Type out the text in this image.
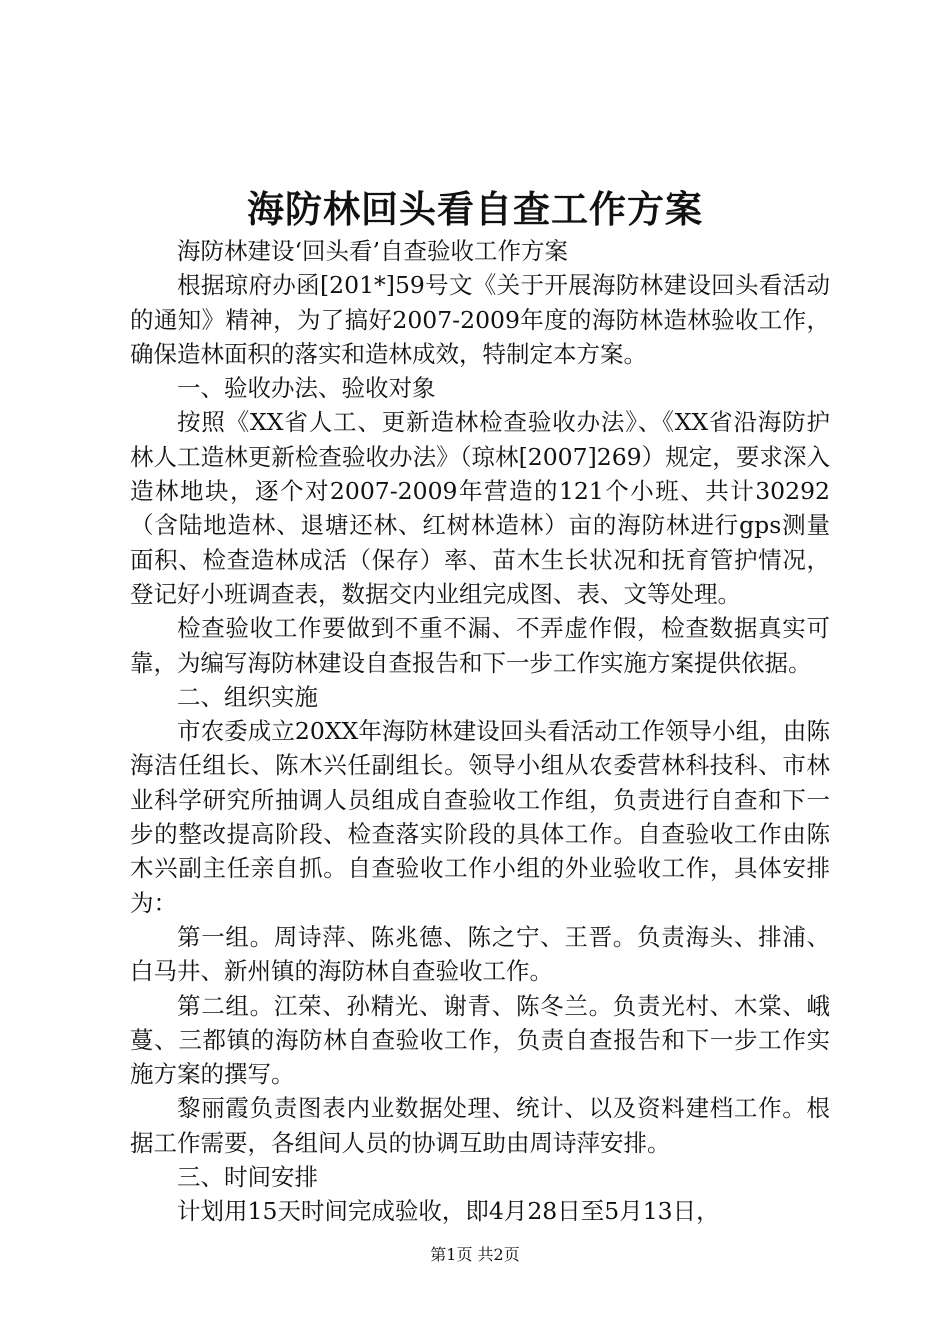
海防林回头看自查工作方案

海防林建设‘回头看’自查验收工作方案

根据琼府办函[201*]59号文《关于开展海防林建设回头看活动的通知》精神，为了搞好2007-2009年度的海防林造林验收工作，确保造林面积的落实和造林成效，特制定本方案。

一、验收办法、验收对象

按照《XX省人工、更新造林检查验收办法》、《XX省沿海防护林人工造林更新检查验收办法》（琼林[2007]269）规定，要求深入造林地块，逐个对2007-2009年营造的121个小班、共计30292（含陆地造林、退塘还林、红树林造林）亩的海防林进行gps测量面积、检查造林成活（保存）率、苗木生长状况和抚育管护情况，登记好小班调查表，数据交内业组完成图、表、文等处理。

检查验收工作要做到不重不漏、不弄虚作假，检查数据真实可靠，为编写海防林建设自查报告和下一步工作实施方案提供依据。

二、组织实施

市农委成立20XX年海防林建设回头看活动工作领导小组，由陈海洁任组长、陈木兴任副组长。领导小组从农委营林科技科、市林业科学研究所抽调人员组成自查验收工作组，负责进行自查和下一步的整改提高阶段、检查落实阶段的具体工作。自查验收工作由陈木兴副主任亲自抓。自查验收工作小组的外业验收工作，具体安排为：

第一组。周诗萍、陈兆德、陈之宁、王晋。负责海头、排浦、白马井、新州镇的海防林自查验收工作。

第二组。江荣、孙精光、谢青、陈冬兰。负责光村、木棠、峨蔓、三都镇的海防林自查验收工作，负责自查报告和下一步工作实施方案的撰写。

黎丽霞负责图表内业数据处理、统计、以及资料建档工作。根据工作需要，各组间人员的协调互助由周诗萍安排。

三、时间安排

计划用15天时间完成验收，即4月28日至5月13日，

第1页 共2页
